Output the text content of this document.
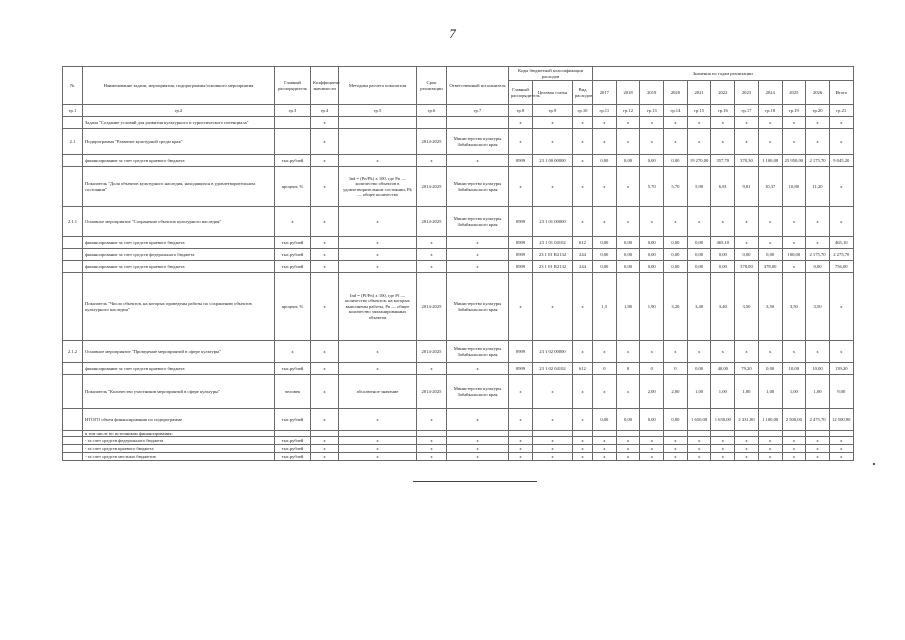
7
№	Наименование задачи, мероприятия, подпрограммы/основного мероприятия	Главный распорядитель	Коэффициент значимости	Методика расчета показателя	Срок реализации	Ответственный исполнитель	Коды бюджетной классификации расходов			Значения по годам реализации											
							Главный распорядитель	Целевая статья	Вид расходов	2017	2018	2019	2020	2021	2022	2023	2024	2025	2026	Итого	

гр.1	гр.2	гр.3	гр.4	гр.5	гр.6	гр.7	гр.8	гр.9	гр.10	гр.11	гр.12	гр.13	гр.14	гр.15	гр.16	гр.17	гр.18	гр.19	гр.20	гр.21	
	Задача "Создание условий для развития культурного и туристического потенциала"		x				x	x	x	x	x	x	x	x	x	x	x	x	x	x	
2.1	Подпрограмма "Развитие культурной среды края"		x		2014-2025	Министерство культуры Забайкальского края	x	x	x	x	x	x	x	x	x	x	x	x	x	x	
	финансирование за счет средств краевого бюджета	тыс.рублей	x	x	x	x	0909	23 1 00 00000	x	0,00	0,00	0,00	0,00	19 270,00	357,70	370,30	1 100,00	25 950,00	2 175,70	9 045,20	
	Показатель "Доля объектов культурного наследия, находящихся в удовлетворительном состоянии"	процент, %	x	Ind = (Pn/Pk) x 100, где Pn — количество объектов в удовлетворительном состоянии, Pk — общее количество	2014-2025	Министерство культуры Забайкальского края	x	x	x	x	x	5,70	5,70	5,90	6,81	9,81	10,37	10,80	11,20	x	
2.1.1	Основное мероприятие "Сохранение объектов культурного наследия"	x	x	x	2014-2025	Министерство культуры Забайкальского края	0909	23 1 01 00000	x	x	x	x	x	x	x	x	x	x	x	x	
	финансирование за счет средств краевого бюджета	тыс.рублей	x	x	x	x	0909	23 1 01 04102	612	0,00	0,00	0,00	0,00	0,00	465,10	x	x	x	x	465,10	
	финансирование за счет средств федерального бюджета	тыс.рублей	x	x	x	x	0909	23 1 01 R2132	244	0,00	0,00	0,00	0,00	0,00	0,00	0,00	0,00	100,00	2 175,70	2 275,70	
	финансирование за счет средств краевого бюджета	тыс.рублей	x	x	x	x	0909	23 1 01 R2132	244	0,00	0,00	0,00	0,00	0,00	0,00	378,00	378,00	x	0,00	756,00	
	Показатель "Число объектов, на которых проведены работы по сохранению объектов культурного наследия"	процент, %	x	Ind = (Pf/Pn) x 100, где Pf — количество объектов, на которых выполнены работы, Pn — общее количество запланированных объектов	2014-2025	Министерство культуры Забайкальского края	x	x	x	1,5	1,80	1,90	3,20	3,40	3,40	3,50	3,50	3,50	3,50	x	
2.1.2	Основное мероприятие "Проведение мероприятий в сфере культуры"	x	x	x	2014-2025	Министерство культуры Забайкальского края	0909	23 1 02 00000	x	x	x	x	x	x	x	x	x	x	x	x	
	финансирование за счет средств краевого бюджета	тыс.рублей	x	x	x	x	0909	23 1 02 04102	612	0	0	0	0	0,00	40,00	79,20	0,00	10,00	10,00	139,20	
	Показатель "Количество участников мероприятий в сфере культуры"	человек	x	абсолютное значение	2014-2025	Министерство культуры Забайкальского края	x	x	x	x	x	2,00	2,00	1,00	1,00	1,00	1,00	1,00	1,00	9,00	
	ИТОГО объем финансирования по подпрограмме	тыс.рублей	x	x	x	x	x	x	x	0,00	0,00	0,00	0,00	1 650,00	1 650,00	2 331,00	1 100,00	2 500,00	2 475,70	12 500,90	
	в том числе по источникам финансирования:																				
	- за счет средств федерального бюджета	тыс.рублей	x	x	x	x	x	x	x	x	x	x	x	x	x	x	x	x	x	x	
	- за счет средств краевого бюджета	тыс.рублей	x	x	x	x	x	x	x	x	x	x	x	x	x	x	x	x	x	x	
	- за счет средств местных бюджетов	тыс.рублей	x	x	x	x	x	x	x	x	x	x	x	x	x	x	x	x	x	x	
